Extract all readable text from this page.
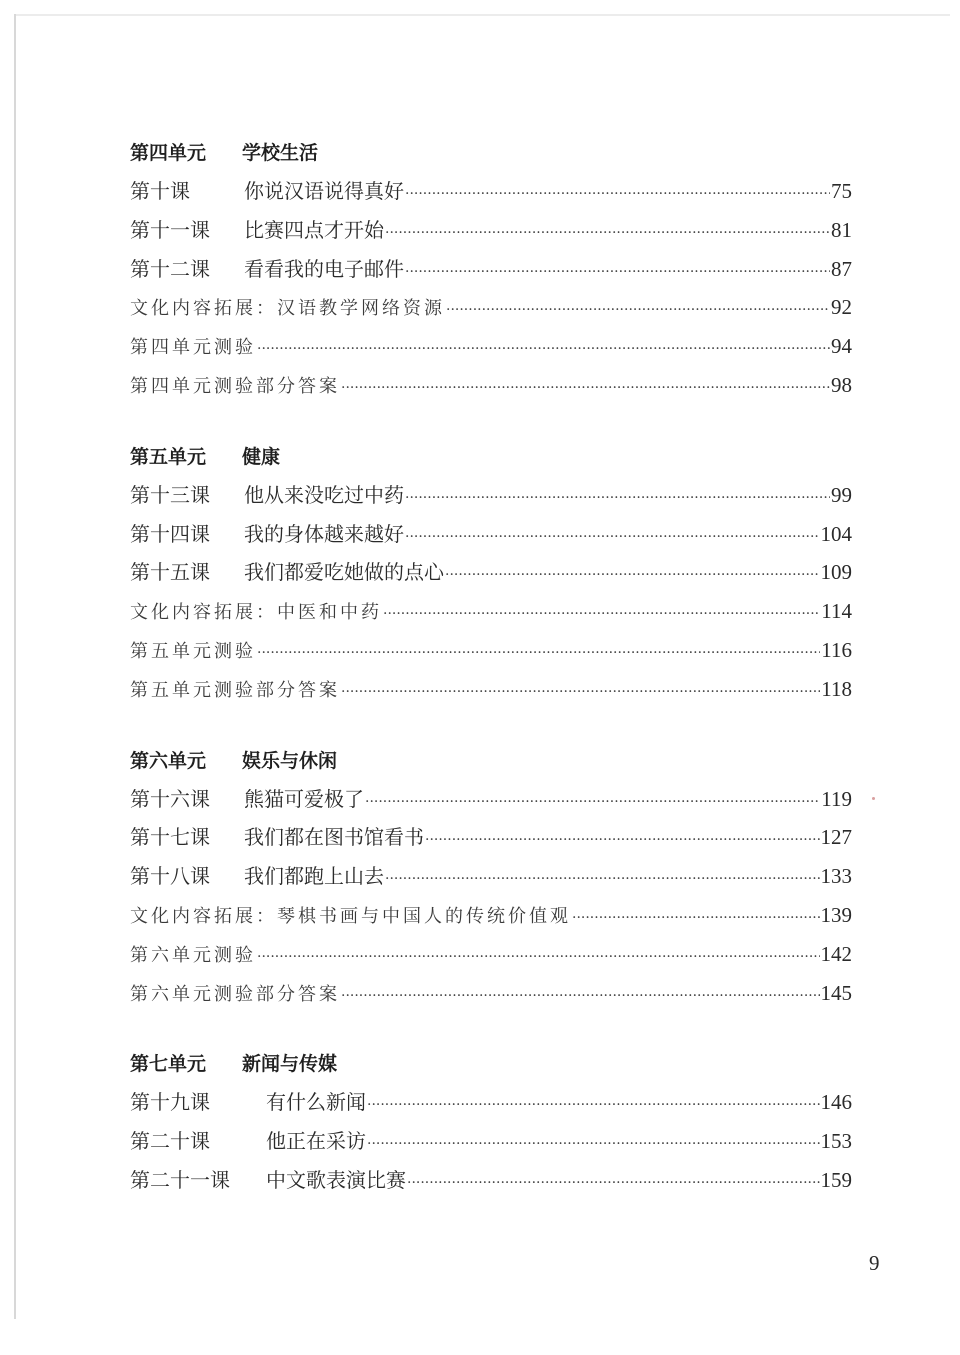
第四单元 学校生活
第十课	你说汉语说得真好 ·····	75
第十一课	比赛四点才开始 ·····	81
第十二课	看看我的电子邮件 ·····	87
文化内容拓展：汉语教学网络资源 ·····	92
第四单元测验 ·····	94
第四单元测验部分答案 ·····	98
第五单元 健康
第十三课	他从来没吃过中药 ·····	99
第十四课	我的身体越来越好 ·····	104
第十五课	我们都爱吃她做的点心 ·····	109
文化内容拓展：中医和中药 ·····	114
第五单元测验 ·····	116
第五单元测验部分答案 ·····	118
第六单元 娱乐与休闲
第十六课	熊猫可爱极了 ·····	119
第十七课	我们都在图书馆看书 ·····	127
第十八课	我们都跑上山去 ·····	133
文化内容拓展：琴棋书画与中国人的传统价值观 ·····	139
第六单元测验 ·····	142
第六单元测验部分答案 ·····	145
第七单元 新闻与传媒
第十九课	有什么新闻 ·····	146
第二十课	他正在采访 ·····	153
第二十一课	中文歌表演比赛 ·····	159
9
